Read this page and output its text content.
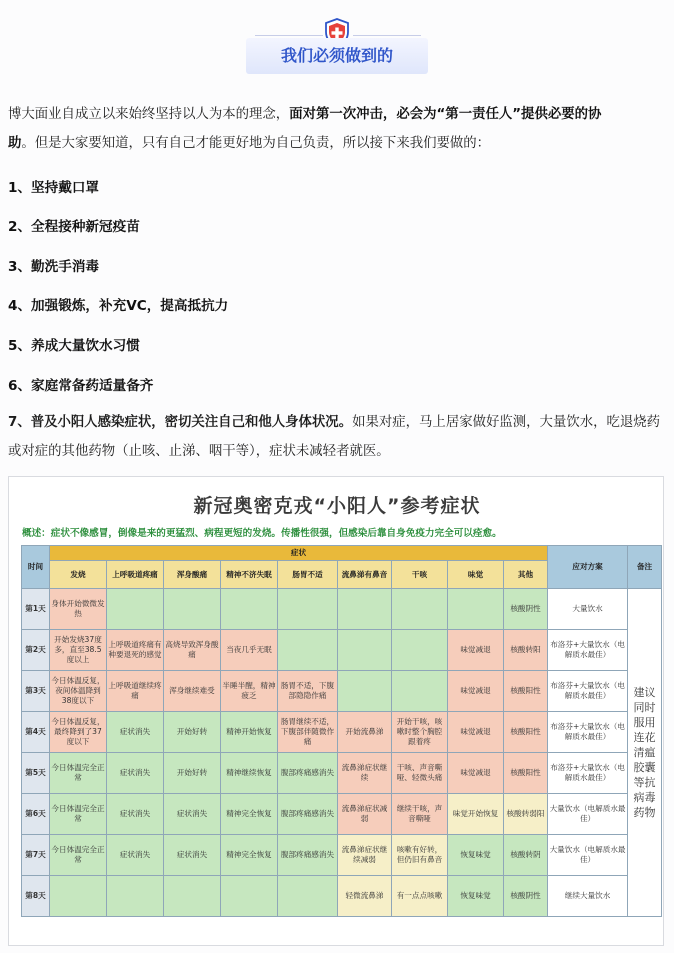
我们必须做到的
博大面业自成立以来始终坚持以人为本的理念，面对第一次冲击，必会为“第一责任人”提供必要的协
助。但是大家要知道，只有自己才能更好地为自己负责，所以接下来我们要做的：
1、坚持戴口罩
2、全程接种新冠疫苗
3、勤洗手消毒
4、加强锻炼，补充VC，提高抵抗力
5、养成大量饮水习惯
6、家庭常备药适量备齐
7、普及小阳人感染症状，密切关注自己和他人身体状况。如果对症，马上居家做好监测，大量饮水，吃退烧药或对症的其他药物（止咳、止涕、咽干等），症状未减轻者就医。
新冠奥密克戎“小阳人”参考症状
概述：症状不像感冒，倒像是来的更猛烈、病程更短的发烧。传播性很强，但感染后靠自身免疫力完全可以痊愈。
时间	症状									应对方案	备注
	发烧	上呼吸道疼痛	浑身酸痛	精神不济失眠	肠胃不适	流鼻涕有鼻音	干咳	味觉	其他		
第1天	身体开始微微发热								核酸阴性	大量饮水	建议同时服用连花清瘟胶囊等抗病毒药物
第2天	开始发烧37度多，直至38.5度以上	上呼吸道疼痛有种要退死的感觉	高烧导致浑身酸痛	当夜几乎无眠				味觉减退	核酸转阳	布洛芬+大量饮水（电解质水最佳）	
第3天	今日体温反复，夜间体温降到38度以下	上呼吸道继续疼痛	浑身继续难受	半睡半醒，精神疲乏	肠胃不适，下腹部隐隐作痛			味觉减退	核酸阳性	布洛芬+大量饮水（电解质水最佳）	
第4天	今日体温反复，最终降到了37度以下	症状消失	开始好转	精神开始恢复	肠胃继续不适，下腹部伴随微作痛	开始流鼻涕	开始干咳，咳嗽时整个胸腔跟着疼	味觉减退	核酸阳性	布洛芬+大量饮水（电解质水最佳）	
第5天	今日体温完全正常	症状消失	开始好转	精神继续恢复	腹部疼痛感消失	流鼻涕症状继续	干咳、声音嘶哑、轻微头痛	味觉减退	核酸阳性	布洛芬+大量饮水（电解质水最佳）	
第6天	今日体温完全正常	症状消失	症状消失	精神完全恢复	腹部疼痛感消失	流鼻涕症状减弱	继续干咳，声音嘶哑	味觉开始恢复	核酸转弱阳	大量饮水（电解质水最佳）	
第7天	今日体温完全正常	症状消失	症状消失	精神完全恢复	腹部疼痛感消失	流鼻涕症状继续减弱	咳嗽有好转，但仍旧有鼻音	恢复味觉	核酸转阴	大量饮水（电解质水最佳）	
第8天						轻微流鼻涕	有一点点咳嗽	恢复味觉	核酸阴性	继续大量饮水	
